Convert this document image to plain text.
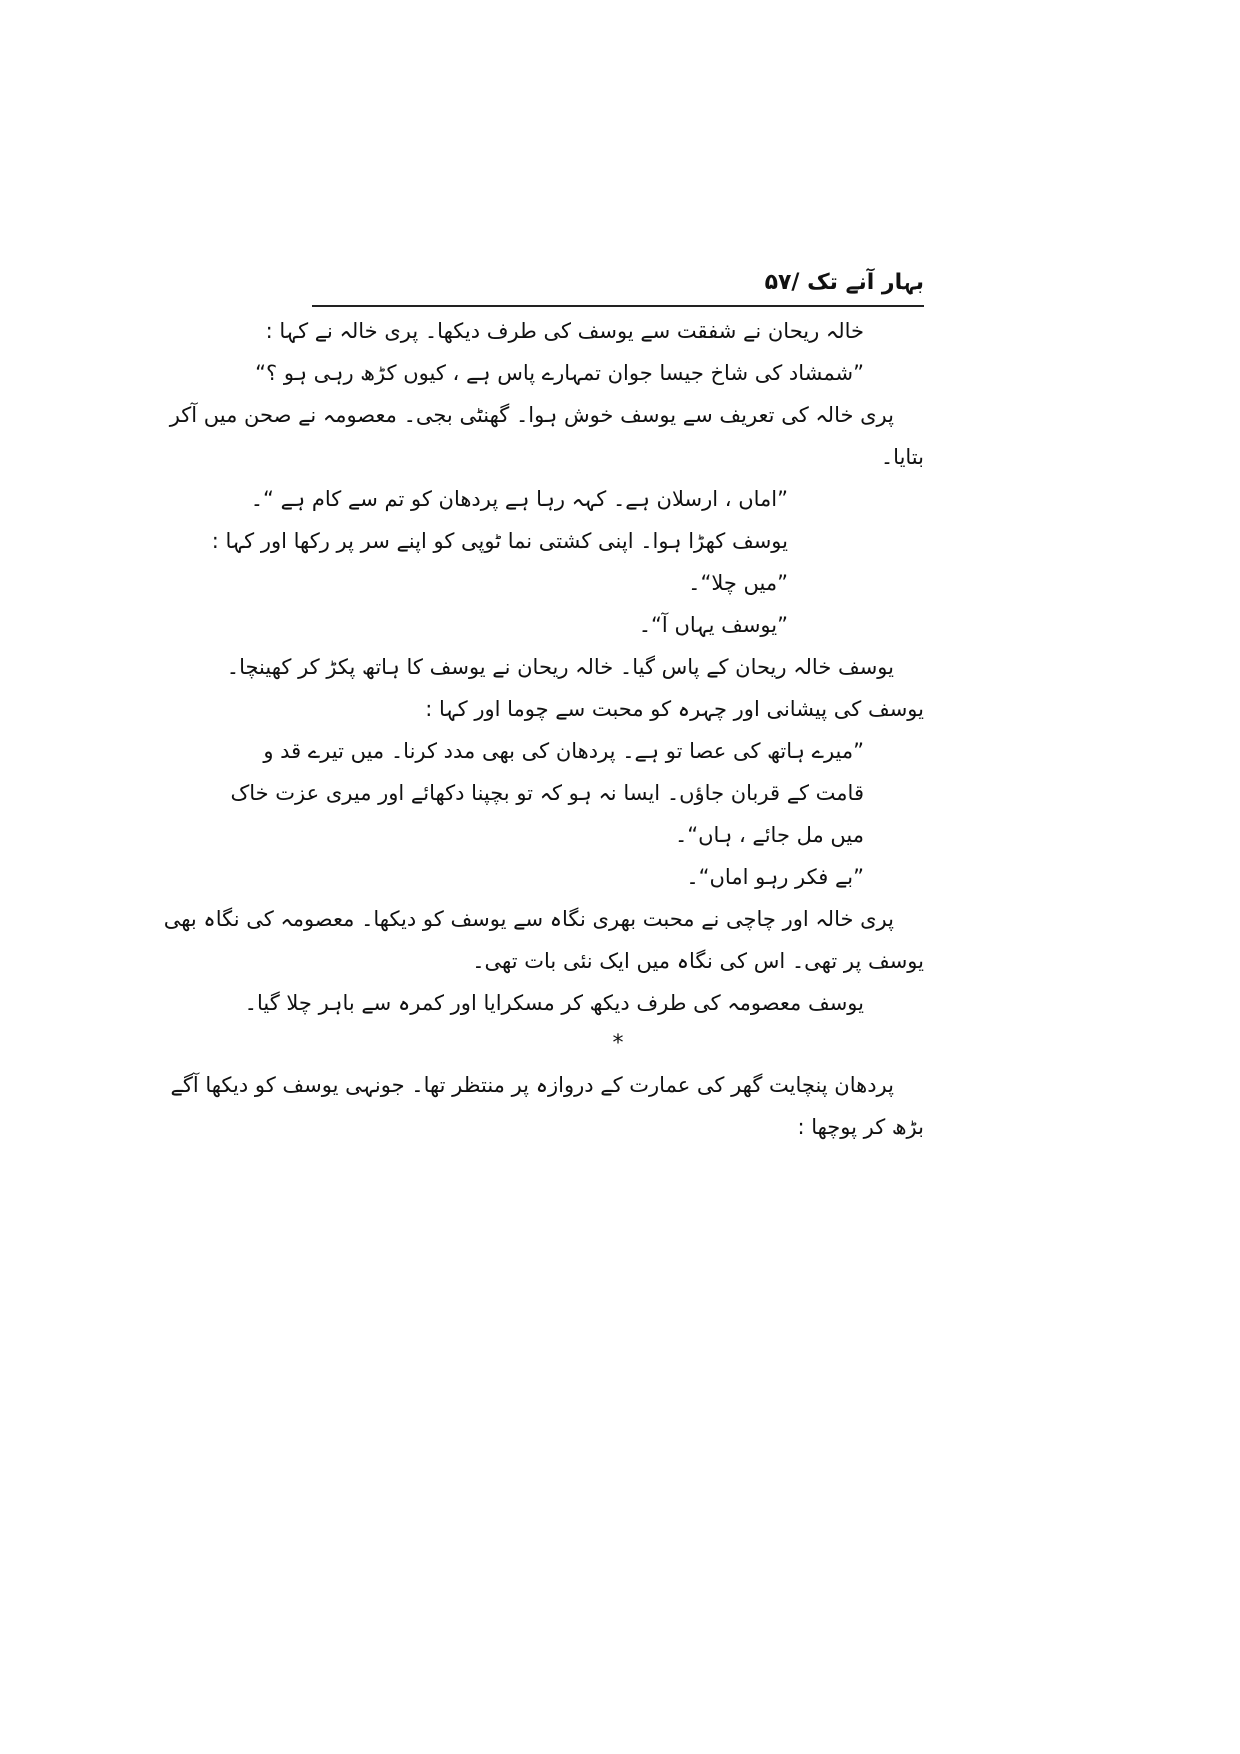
بہار آنے تک /۵۷
خالہ ریحان نے شفقت سے یوسف کی طرف دیکھا۔ پری خالہ نے کہا :
”شمشاد کی شاخ جیسا جوان تمہارے پاس ہے ، کیوں کڑھ رہی ہو ؟“
پری خالہ کی تعریف سے یوسف خوش ہوا۔ گھنٹی بجی۔ معصومہ نے صحن میں آکر
بتایا۔
”اماں ، ارسلان ہے۔ کہہ رہا ہے پردھان کو تم سے کام ہے “۔
یوسف کھڑا ہوا۔ اپنی کشتی نما ٹوپی کو اپنے سر پر رکھا اور کہا :
”میں چلا“۔
”یوسف یہاں آ“۔
یوسف خالہ ریحان کے پاس گیا۔ خالہ ریحان نے یوسف کا ہاتھ پکڑ کر کھینچا۔
یوسف کی پیشانی اور چہرہ کو محبت سے چوما اور کہا :
”میرے ہاتھ کی عصا تو ہے۔ پردھان کی بھی مدد کرنا۔ میں تیرے قد و
قامت کے قربان جاؤں۔ ایسا نہ ہو کہ تو بچپنا دکھائے اور میری عزت خاک
میں مل جائے ، ہاں“۔
”بے فکر رہو اماں“۔
پری خالہ اور چاچی نے محبت بھری نگاہ سے یوسف کو دیکھا۔ معصومہ کی نگاہ بھی
یوسف پر تھی۔ اس کی نگاہ میں ایک نئی بات تھی۔
یوسف معصومہ کی طرف دیکھ کر مسکرایا اور کمرہ سے باہر چلا گیا۔
*
پردھان پنچایت گھر کی عمارت کے دروازہ پر منتظر تھا۔ جونہی یوسف کو دیکھا آگے
بڑھ کر پوچھا :
